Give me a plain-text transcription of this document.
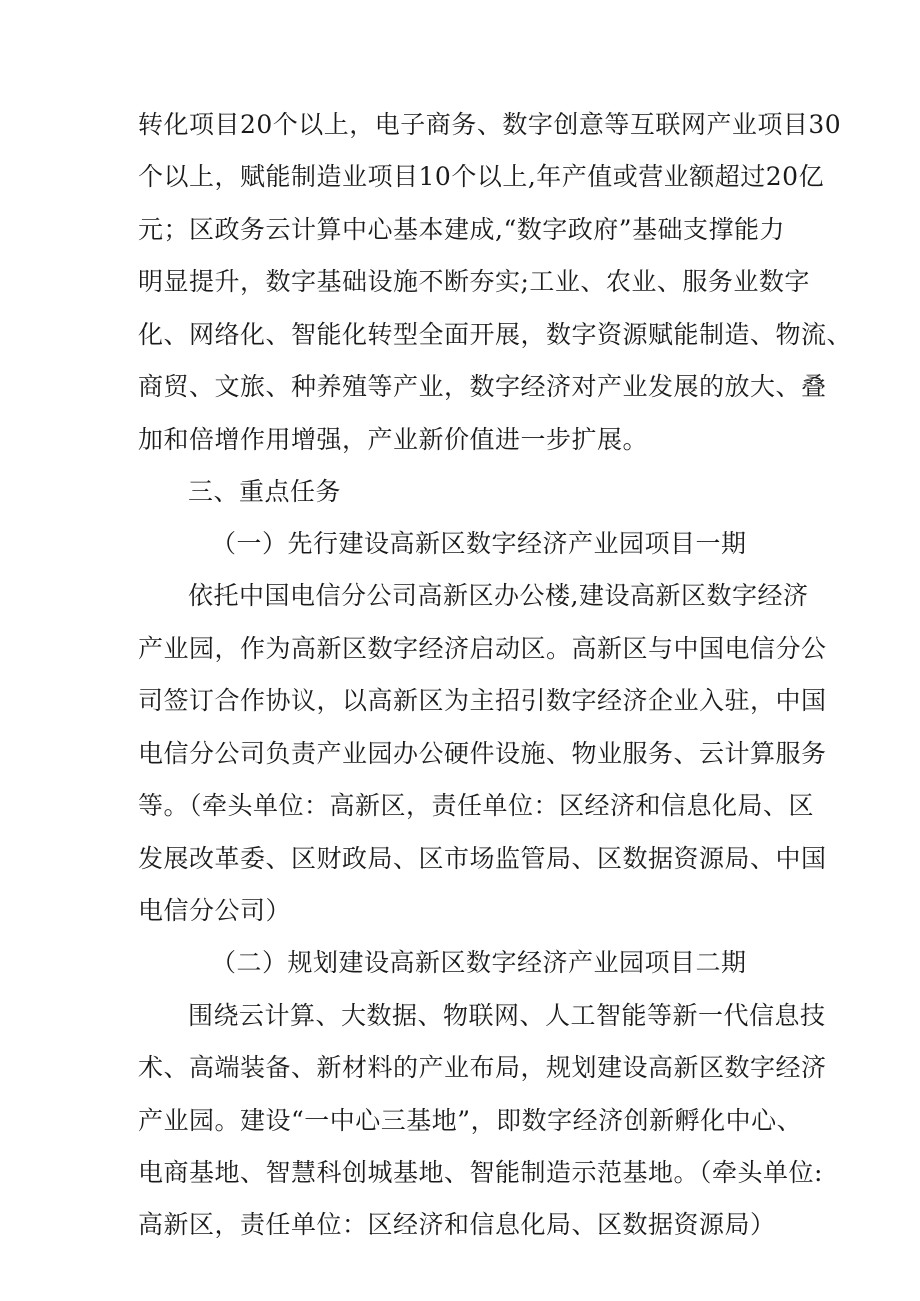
转化项目20个以上，电子商务、数字创意等互联网产业项目30
个以上，赋能制造业项目10个以上,年产值或营业额超过20亿
元；区政务云计算中心基本建成,“数字政府”基础支撑能力
明显提升，数字基础设施不断夯实;工业、农业、服务业数字
化、网络化、智能化转型全面开展，数字资源赋能制造、物流、
商贸、文旅、种养殖等产业，数字经济对产业发展的放大、叠
加和倍增作用增强，产业新价值进一步扩展。
三、重点任务
（一）先行建设高新区数字经济产业园项目一期
依托中国电信分公司高新区办公楼,建设高新区数字经济
产业园，作为高新区数字经济启动区。高新区与中国电信分公
司签订合作协议，以高新区为主招引数字经济企业入驻，中国
电信分公司负责产业园办公硬件设施、物业服务、云计算服务
等。（牵头单位：高新区，责任单位：区经济和信息化局、区
发展改革委、区财政局、区市场监管局、区数据资源局、中国
电信分公司）
（二）规划建设高新区数字经济产业园项目二期
围绕云计算、大数据、物联网、人工智能等新一代信息技
术、高端装备、新材料的产业布局，规划建设高新区数字经济
产业园。建设“一中心三基地”，即数字经济创新孵化中心、
电商基地、智慧科创城基地、智能制造示范基地。（牵头单位:
高新区，责任单位：区经济和信息化局、区数据资源局）
